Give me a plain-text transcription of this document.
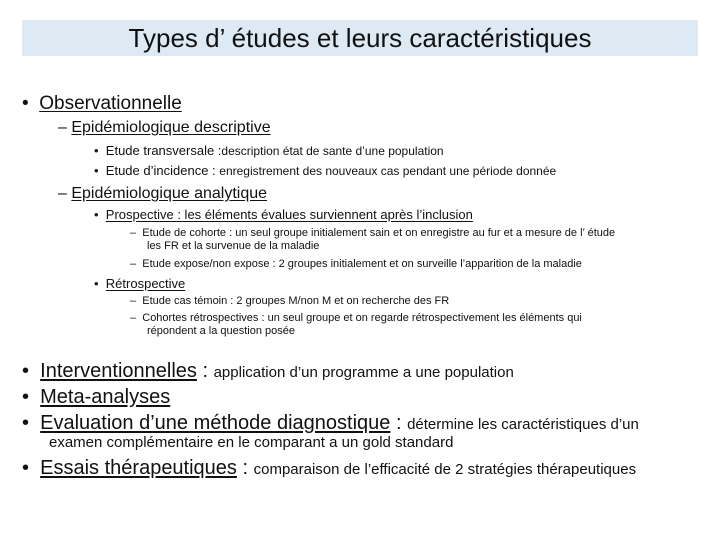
Types d’ études et leurs caractéristiques
• Observationnelle
– Epidémiologique descriptive
• Etude transversale :description état de sante d’une population
• Etude d’incidence : enregistrement des nouveaux cas pendant une période donnée
– Epidémiologique analytique
• Prospective : les éléments évalues surviennent après l’inclusion
– Etude de cohorte : un seul groupe initialement sain et on enregistre au fur et a mesure de l’ étude
les FR et la survenue de la maladie
– Etude expose/non expose : 2 groupes initialement et on surveille l’apparition de la maladie
• Rétrospective
– Etude cas témoin : 2 groupes M/non M et on recherche des FR
– Cohortes rétrospectives : un seul groupe et on regarde rétrospectivement les éléments qui
répondent a la question posée
• Interventionnelles : application d’un programme a une population
• Meta-analyses
• Evaluation d’une méthode diagnostique : détermine les caractéristiques d’un
examen complémentaire en le comparant a un gold standard
• Essais thérapeutiques : comparaison de l’efficacité de 2 stratégies thérapeutiques
